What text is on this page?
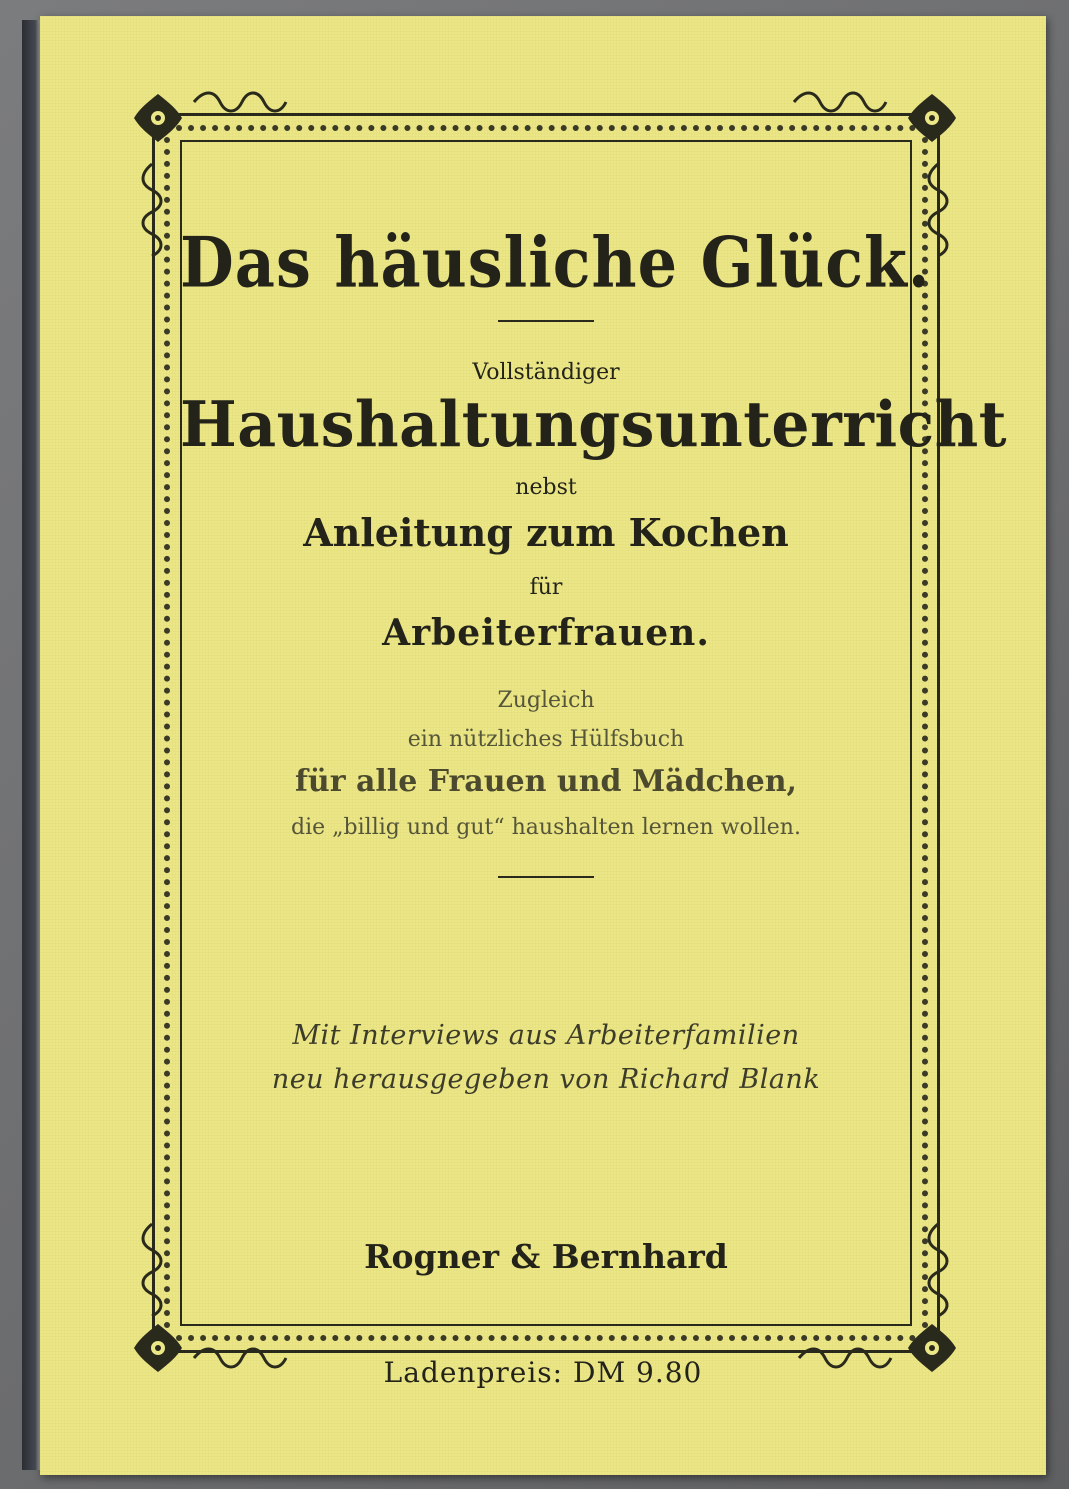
Das häusliche Glück.
Vollständiger
Haushaltungsunterricht
nebst
Anleitung zum Kochen
für
Arbeiterfrauen.
Zugleich
ein nützliches Hülfsbuch
für alle Frauen und Mädchen,
die „billig und gut“ haushalten lernen wollen.
Mit Interviews aus Arbeiterfamilien
neu herausgegeben von Richard Blank
Rogner & Bernhard
Ladenpreis: DM 9.80
